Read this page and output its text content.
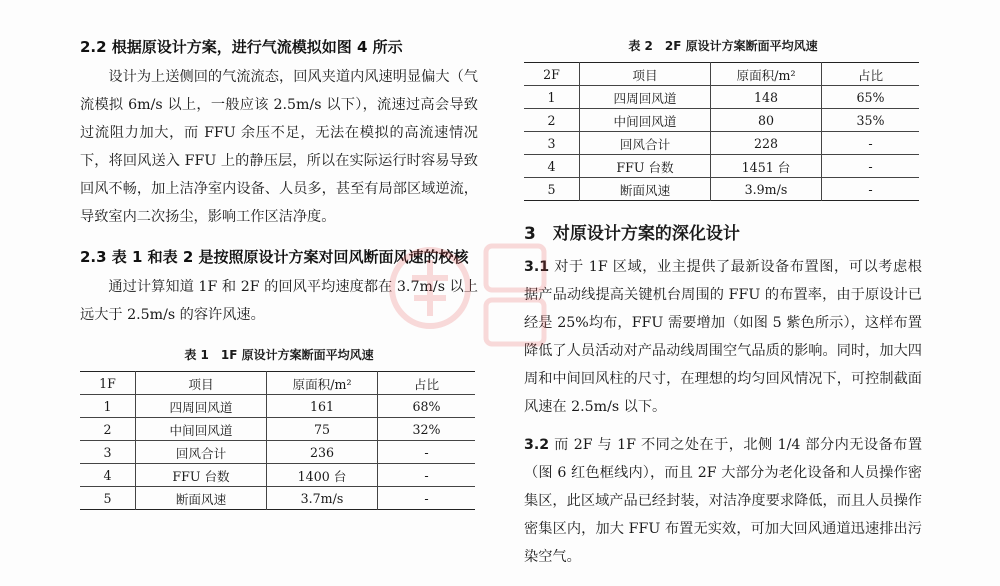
2.2 根据原设计方案，进行气流模拟如图 4 所示

设计为上送侧回的气流流态，回风夹道内风速明显偏大（气流模拟 6m/s 以上，一般应该 2.5m/s 以下），流速过高会导致过流阻力加大，而 FFU 余压不足，无法在模拟的高流速情况下，将回风送入 FFU 上的静压层，所以在实际运行时容易导致回风不畅，加上洁净室内设备、人员多，甚至有局部区域逆流，导致室内二次扬尘，影响工作区洁净度。

2.3 表 1 和表 2 是按照原设计方案对回风断面风速的校核

通过计算知道 1F 和 2F 的回风平均速度都在 3.7m/s 以上远大于 2.5m/s 的容许风速。

表 1　1F 原设计方案断面平均风速

1F	项目	原面积/m²	占比
1	四周回风道	161	68%
2	中间回风道	75	32%
3	回风合计	236	-
4	FFU 台数	1400 台	-
5	断面风速	3.7m/s	-

表 2　2F 原设计方案断面平均风速

2F	项目	原面积/m²	占比
1	四周回风道	148	65%
2	中间回风道	80	35%
3	回风合计	228	-
4	FFU 台数	1451 台	-
5	断面风速	3.9m/s	-
3　对原设计方案的深化设计

3.1 对于 1F 区域，业主提供了最新设备布置图，可以考虑根据产品动线提高关键机台周围的 FFU 的布置率，由于原设计已经是 25%均布，FFU 需要增加（如图 5 紫色所示），这样布置降低了人员活动对产品动线周围空气品质的影响。同时，加大四周和中间回风柱的尺寸，在理想的均匀回风情况下，可控制截面风速在 2.5m/s 以下。

3.2 而 2F 与 1F 不同之处在于，北侧 1/4 部分内无设备布置（图 6 红色框线内），而且 2F 大部分为老化设备和人员操作密集区，此区域产品已经封装，对洁净度要求降低，而且人员操作密集区内，加大 FFU 布置无实效，可加大回风通道迅速排出污染空气。
